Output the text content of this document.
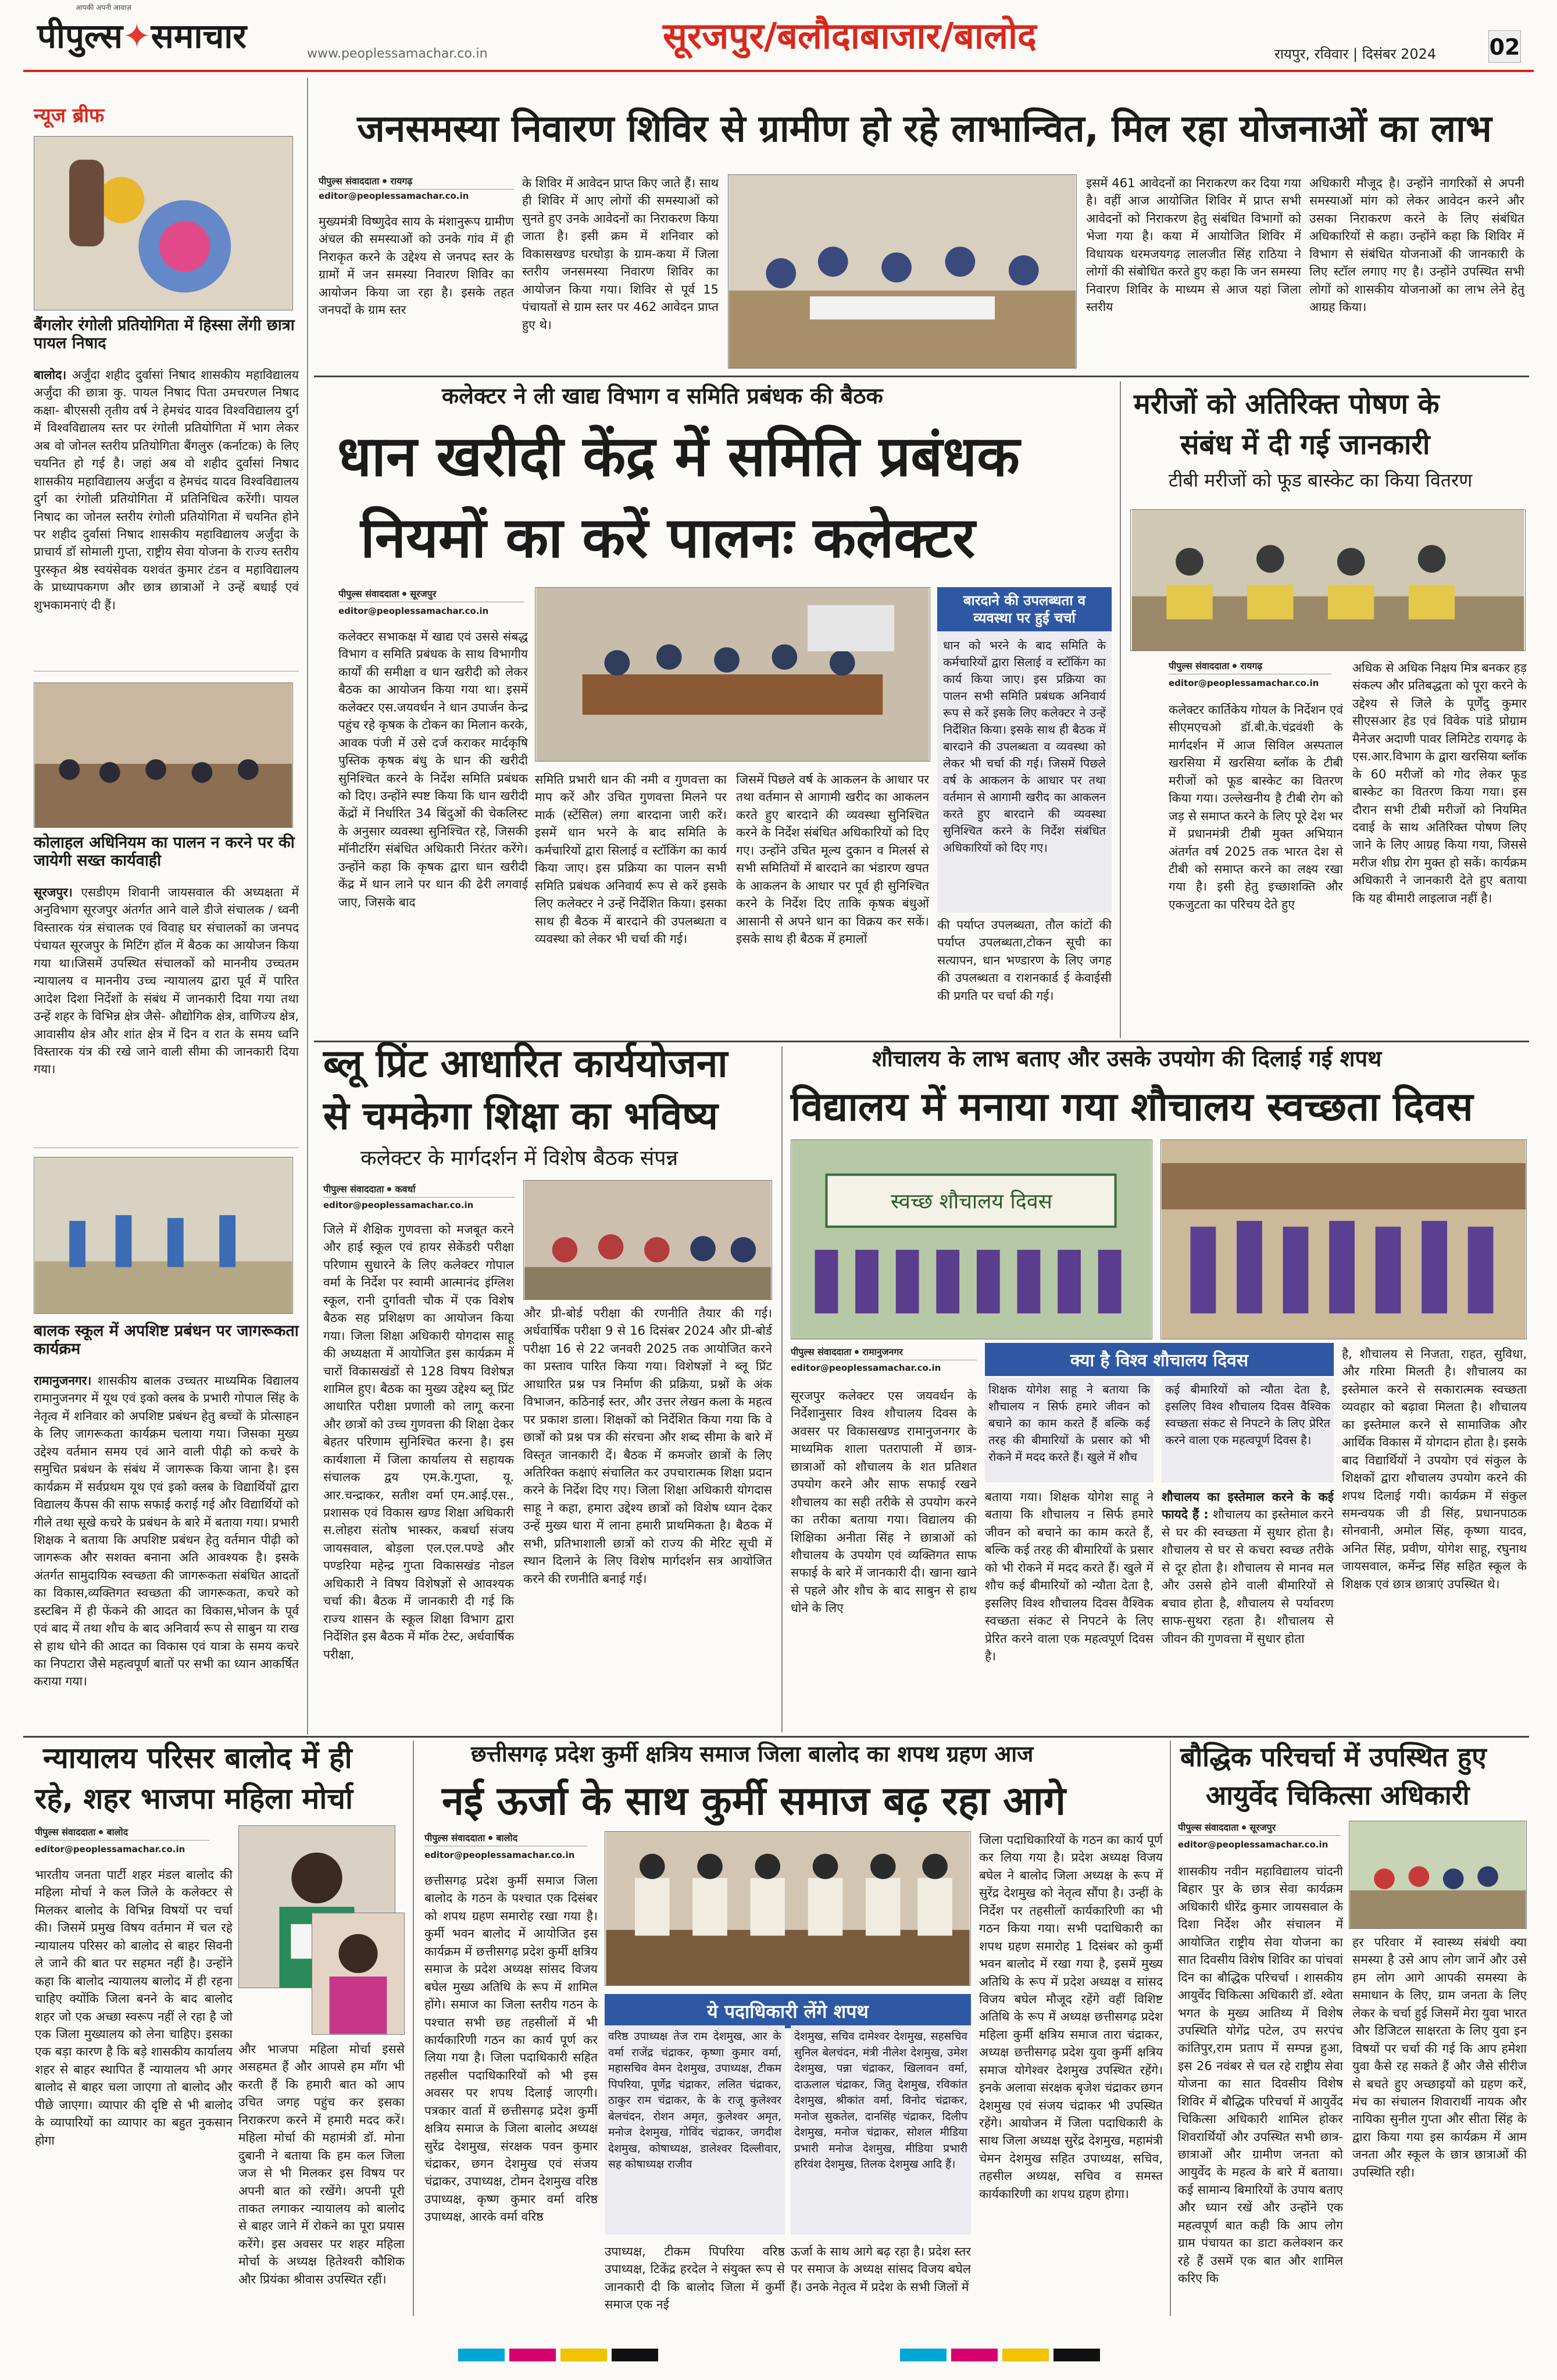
पीपुल्स✦समाचार
आपकी अपनी आवाज़
www.peoplessamachar.co.in	सूरजपुर/बलौदाबाजार/बालोद	रायपुर, रविवार | दिसंबर 2024 02
न्यूज ब्रीफ
बैंगलोर रंगोली प्रतियोगिता में हिस्सा लेंगी छात्रा पायल निषाद
बालोद। अर्जुंदा शहीद दुर्वासां निषाद शासकीय महाविद्यालय अर्जुंदा की छात्रा कु. पायल निषाद पिता उमचरणल निषाद कक्षा- बीएससी तृतीय वर्ष ने हेमचंद यादव विश्वविद्यालय दुर्ग में विश्वविद्यालय स्तर पर रंगोली प्रतियोगिता में भाग लेकर अब वो जोनल स्तरीय प्रतियोगिता बैंगलुरु (कर्नाटक) के लिए चयनित हो गई है। जहां अब वो शहीद दुर्वासां निषाद शासकीय महाविद्यालय अर्जुंदा व हेमचंद यादव विश्वविद्यालय दुर्ग का रंगोली प्रतियोगिता में प्रतिनिधित्व करेंगी। पायल निषाद का जोनल स्तरीय रंगोली प्रतियोगिता में चयनित होने पर शहीद दुर्वासां निषाद शासकीय महाविद्यालय अर्जुंदा के प्राचार्य डॉ सोमाली गुप्ता, राष्ट्रीय सेवा योजना के राज्य स्तरीय पुरस्कृत श्रेष्ठ स्वयंसेवक यशवंत कुमार टंडन व महाविद्यालय के प्राध्यापकगण और छात्र छात्राओं ने उन्हें बधाई एवं शुभकामनाएं दी हैं।
कोलाहल अधिनियम का पालन न करने पर की जायेगी सख्त कार्यवाही
सूरजपुर। एसडीएम शिवानी जायसवाल की अध्यक्षता में अनुविभाग सूरजपुर अंतर्गत आने वाले डीजे संचालक / ध्वनी विस्तारक यंत्र संचालक एवं विवाह घर संचालकों का जनपद पंचायत सूरजपुर के मिटिंग हॉल में बैठक का आयोजन किया गया था।जिसमें उपस्थित संचालकों को माननीय उच्चतम न्यायालय व माननीय उच्च न्यायालय द्वारा पूर्व में पारित आदेश दिशा निर्देशों के संबंध में जानकारी दिया गया तथा उन्हें शहर के विभिन्न क्षेत्र जैसे- औद्योगिक क्षेत्र, वाणिज्य क्षेत्र, आवासीय क्षेत्र और शांत क्षेत्र में दिन व रात के समय ध्वनि विस्तारक यंत्र की रखे जाने वाली सीमा की जानकारी दिया गया।
बालक स्कूल में अपशिष्ट प्रबंधन पर जागरूकता कार्यक्रम
रामानुजनगर। शासकीय बालक उच्चतर माध्यमिक विद्यालय रामानुजनगर में यूथ एवं इको क्लब के प्रभारी गोपाल सिंह के नेतृत्व में शनिवार को अपशिष्ट प्रबंधन हेतु बच्चों के प्रोत्साहन के लिए जागरूकता कार्यक्रम चलाया गया। जिसका मुख्य उद्देश्य वर्तमान समय एवं आने वाली पीढ़ी को कचरे के समुचित प्रबंधन के संबंध में जागरूक किया जाना है। इस कार्यक्रम में सर्वप्रथम यूथ एवं इको क्लब के विद्यार्थियों द्वारा विद्यालय कैंपस की साफ सफाई कराई गई और विद्यार्थियों को गीले तथा सूखे कचरे के प्रबंधन के बारे में बताया गया। प्रभारी शिक्षक ने बताया कि अपशिष्ट प्रबंधन हेतु वर्तमान पीढ़ी को जागरूक और सशक्त बनाना अति आवश्यक है। इसके अंतर्गत सामुदायिक स्वच्छता की जागरूकता संबंधित आदतों का विकास,व्यक्तिगत स्वच्छता की जागरूकता, कचरे को डस्टबिन में ही फेंकने की आदत का विकास,भोजन के पूर्व एवं बाद में तथा शौच के बाद अनिवार्य रूप से साबुन या राख से हाथ धोने की आदत का विकास एवं यात्रा के समय कचरे का निपटारा जैसे महत्वपूर्ण बातों पर सभी का ध्यान आकर्षित कराया गया।
जनसमस्या निवारण शिविर से ग्रामीण हो रहे लाभान्वित, मिल रहा योजनाओं का लाभ
पीपुल्स संवाददाता रायगढ़
editor@peoplessamachar.co.in
मुख्यमंत्री विष्णुदेव साय के मंशानुरूप ग्रामीण अंचल की समस्याओं को उनके गांव में ही निराकृत करने के उद्देश्य से जनपद स्तर के ग्रामों में जन समस्या निवारण शिविर का आयोजन किया जा रहा है। इसके तहत जनपदों के ग्राम स्तर
के शिविर में आवेदन प्राप्त किए जाते हैं। साथ ही शिविर में आए लोगों की समस्याओं को सुनते हुए उनके आवेदनों का निराकरण किया जाता है। इसी क्रम में शनिवार को विकासखण्ड घरघोड़ा के ग्राम-कया में जिला स्तरीय जनसमस्या निवारण शिविर का आयोजन किया गया। शिविर से पूर्व 15 पंचायतों से ग्राम स्तर पर 462 आवेदन प्राप्त हुए थे।
इसमें 461 आवेदनों का निराकरण कर दिया गया है। वहीं आज आयोजित शिविर में प्राप्त सभी आवेदनों को निराकरण हेतु संबंधित विभागों को भेजा गया है। कया में आयोजित शिविर में विधायक धरमजयगढ़ लालजीत सिंह राठिया ने लोगों की संबोधित करते हुए कहा कि जन समस्या निवारण शिविर के माध्यम से आज यहां जिला स्तरीय
अधिकारी मौजूद है। उन्होंने नागरिकों से अपनी समस्याओं मांग को लेकर आवेदन करने और उसका निराकरण करने के लिए संबंधित अधिकारियों से कहा। उन्होंने कहा कि शिविर में विभाग से संबंधित योजनाओं की जानकारी के लिए स्टॉल लगाए गए है। उन्होंने उपस्थित सभी लोगों को शासकीय योजनाओं का लाभ लेने हेतु आग्रह किया।
कलेक्टर ने ली खाद्य विभाग व समिति प्रबंधक की बैठक
धान खरीदी केंद्र में समिति प्रबंधक
नियमों का करें पालनः कलेक्टर
पीपुल्स संवाददाता सूरजपुर
editor@peoplessamachar.co.in
कलेक्टर सभाकक्ष में खाद्य एवं उससे संबद्ध विभाग व समिति प्रबंधक के साथ विभागीय कार्यों की समीक्षा व धान खरीदी को लेकर बैठक का आयोजन किया गया था। इसमें कलेक्टर एस.जयवर्धन ने धान उपार्जन केन्द्र पहुंच रहे कृषक के टोकन का मिलान करके, आवक पंजी में उसे दर्ज कराकर मार्दकृषि पुस्तिक कृषक बंधु के धान की खरीदी सुनिश्चित करने के निर्देश समिति प्रबंधक को दिए। उन्होंने स्पष्ट किया कि धान खरीदी केंद्रों में निर्धारित 34 बिंदुओं की चेकलिस्ट के अनुसार व्यवस्था सुनिश्चित रहे, जिसकी मॉनीटरिंग संबंधित अधिकारी निरंतर करेंगे। उन्होंने कहा कि कृषक द्वारा धान खरीदी केंद्र में धान लाने पर धान की ढेरी लगवाई जाए, जिसके बाद
समिति प्रभारी धान की नमी व गुणवत्ता का माप करें और उचित गुणवत्ता मिलने पर मार्क (स्टेंसिल) लगा बारदाना जारी करें। इसमें धान भरने के बाद समिति के कर्मचारियों द्वारा सिलाई व स्टॉकिंग का कार्य किया जाए। इस प्रक्रिया का पालन सभी समिति प्रबंधक अनिवार्य रूप से करें इसके लिए कलेक्टर ने उन्हें निर्देशित किया। इसका साथ ही बैठक में बारदाने की उपलब्धता व व्यवस्था को लेकर भी चर्चा की गई।
जिसमें पिछले वर्ष के आकलन के आधार पर तथा वर्तमान से आगामी खरीद का आकलन करते हुए बारदाने की व्यवस्था सुनिश्चित करने के निर्देश संबंधित अधिकारियों को दिए गए। उन्होंने उचित मूल्य दुकान व मिलर्स से सभी समितियों में बारदाने का भंडारण खपत के आकलन के आधार पर पूर्व ही सुनिश्चित करने के निर्देश दिए ताकि कृषक बंधुओं आसानी से अपने धान का विक्रय कर सकें। इसके साथ ही बैठक में हमालों
बारदाने की उपलब्धता व व्यवस्था पर हुई चर्चा
धान को भरने के बाद समिति के कर्मचारियों द्वारा सिलाई व स्टॉकिंग का कार्य किया जाए। इस प्रक्रिया का पालन सभी समिति प्रबंधक अनिवार्य रूप से करें इसके लिए कलेक्टर ने उन्हें निर्देशित किया। इसके साथ ही बैठक में बारदाने की उपलब्धता व व्यवस्था को लेकर भी चर्चा की गई। जिसमें पिछले वर्ष के आकलन के आधार पर तथा वर्तमान से आगामी खरीद का आकलन करते हुए बारदाने की व्यवस्था सुनिश्चित करने के निर्देश संबंधित अधिकारियों को दिए गए।
की पर्याप्त उपलब्धता, तौल कांटों की पर्याप्त उपलब्धता,टोकन सूची का सत्यापन, धान भण्डारण के लिए जगह की उपलब्धता व राशनकार्ड ई केवाईसी की प्रगति पर चर्चा की गई।
मरीजों को अतिरिक्त पोषण के
संबंध में दी गई जानकारी
टीबी मरीजों को फूड बास्केट का किया वितरण
पीपुल्स संवाददाता रायगढ़
editor@peoplessamachar.co.in
कलेक्टर कार्तिकेय गोयल के निर्देशन एवं सीएमएचओ डॉ.बी.के.चंद्रवंशी के मार्गदर्शन में आज सिविल अस्पताल खरसिया में खरसिया ब्लॉक के टीबी मरीजों को फूड बास्केट का वितरण किया गया। उल्लेखनीय है टीबी रोग को जड़ से समाप्त करने के लिए पूरे देश भर में प्रधानमंत्री टीबी मुक्त अभियान अंतर्गत वर्ष 2025 तक भारत देश से टीबी को समाप्त करने का लक्ष्य रखा गया है। इसी हेतु इच्छाशक्ति और एकजुटता का परिचय देते हुए
अधिक से अधिक निक्षय मित्र बनकर हड़ संकल्प और प्रतिबद्धता को पूरा करने के उद्देश्य से जिले के पूर्णेंदु कुमार सीएसआर हेड एवं विवेक पांडे प्रोग्राम मैनेजर अदाणी पावर लिमिटेड रायगढ़ के एस.आर.विभाग के द्वारा खरसिया ब्लॉक के 60 मरीजों को गोद लेकर फूड बास्केट का वितरण किया गया। इस दौरान सभी टीबी मरीजों को नियमित दवाई के साथ अतिरिक्त पोषण लिए जाने के लिए आग्रह किया गया, जिससे मरीज शीघ्र रोग मुक्त हो सकें। कार्यक्रम अधिकारी ने जानकारी देते हुए बताया कि यह बीमारी लाइलाज नहीं है।
ब्लू प्रिंट आधारित कार्ययोजना
से चमकेगा शिक्षा का भविष्य
कलेक्टर के मार्गदर्शन में विशेष बैठक संपन्न
पीपुल्स संवाददाता कवर्धा
editor@peoplessamachar.co.in
जिले में शैक्षिक गुणवत्ता को मजबूत करने और हाई स्कूल एवं हायर सेकेंडरी परीक्षा परिणाम सुधारने के लिए कलेक्टर गोपाल वर्मा के निर्देश पर स्वामी आत्मानंद इंग्लिश स्कूल, रानी दुर्गावती चौक में एक विशेष बैठक सह प्रशिक्षण का आयोजन किया गया। जिला शिक्षा अधिकारी योगदास साहू की अध्यक्षता में आयोजित इस कार्यक्रम में चारों विकासखंडों से 128 विषय विशेषज्ञ शामिल हुए। बैठक का मुख्य उद्देश्य ब्लू प्रिंट आधारित परीक्षा प्रणाली को लागू करना और छात्रों को उच्च गुणवत्ता की शिक्षा देकर बेहतर परिणाम सुनिश्चित करना है। इस कार्यशाला में जिला कार्यालय से सहायक संचालक द्वय एम.के.गुप्ता, यू. आर.चन्द्राकर, सतीश वर्मा एम.आई.एस., प्रशासक एवं विकास खण्ड शिक्षा अधिकारी स.लोहरा संतोष भास्कर, कबर्धा संजय जायसवाल, बोड़ला एल.एल.पण्डे और पण्डरिया महेन्द्र गुप्ता विकासखंड नोडल अधिकारी ने विषय विशेषज्ञों से आवश्यक चर्चा की। बैठक में जानकारी दी गई कि राज्य शासन के स्कूल शिक्षा विभाग द्वारा निर्देशित इस बैठक में मॉक टेस्ट, अर्धवार्षिक परीक्षा,
और प्री-बोर्ड परीक्षा की रणनीति तैयार की गई। अर्धवार्षिक परीक्षा 9 से 16 दिसंबर 2024 और प्री-बोर्ड परीक्षा 16 से 22 जनवरी 2025 तक आयोजित करने का प्रस्ताव पारित किया गया। विशेषज्ञों ने ब्लू प्रिंट आधारित प्रश्न पत्र निर्माण की प्रक्रिया, प्रश्नों के अंक विभाजन, कठिनाई स्तर, और उत्तर लेखन कला के महत्व पर प्रकाश डाला। शिक्षकों को निर्देशित किया गया कि वे छात्रों को प्रश्न पत्र की संरचना और शब्द सीमा के बारे में विस्तृत जानकारी दें। बैठक में कमजोर छात्रों के लिए अतिरिक्त कक्षाएं संचालित कर उपचारात्मक शिक्षा प्रदान करने के निर्देश दिए गए। जिला शिक्षा अधिकारी योगदास साहू ने कहा, हमारा उद्देश्य छात्रों को विशेष ध्यान देकर उन्हें मुख्य धारा में लाना हमारी प्राथमिकता है। बैठक में सभी, प्रतिभाशाली छात्रों को राज्य की मेरिट सूची में स्थान दिलाने के लिए विशेष मार्गदर्शन सत्र आयोजित करने की रणनीति बनाई गई।
शौचालय के लाभ बताए और उसके उपयोग की दिलाई गई शपथ
विद्यालय में मनाया गया शौचालय स्वच्छता दिवस
स्वच्छ शौचालय दिवस
पीपुल्स संवाददाता रामानुजनगर
editor@peoplessamachar.co.in
सूरजपुर कलेक्टर एस जयवर्धन के निर्देशानुसार विश्व शौचालय दिवस के अवसर पर विकासखण्ड रामानुजनगर के माध्यमिक शाला पतरापाली में छात्र-छात्राओं को शौचालय के शत प्रतिशत उपयोग करने और साफ सफाई रखने शौचालय का सही तरीके से उपयोग करने का तरीका बताया गया। विद्यालय की शिक्षिका अनीता सिंह ने छात्राओं को शौचालय के उपयोग एवं व्यक्तिगत साफ सफाई के बारे में जानकारी दी। खाना खाने से पहले और शौच के बाद साबुन से हाथ धोने के लिए
क्या है विश्व शौचालय दिवस
शिक्षक योगेश साहू ने बताया कि शौचालय न सिर्फ हमारे जीवन को बचाने का काम करते हैं बल्कि कई तरह की बीमारियों के प्रसार को भी रोकने में मदद करते हैं। खुले में शौच
कई बीमारियों को न्यौता देता है, इसलिए विश्व शौचालय दिवस वैश्विक स्वच्छता संकट से निपटने के लिए प्रेरित करने वाला एक महत्वपूर्ण दिवस है।
बताया गया। शिक्षक योगेश साहू ने बताया कि शौचालय न सिर्फ हमारे जीवन को बचाने का काम करते हैं, बल्कि कई तरह की बीमारियों के प्रसार को भी रोकने में मदद करते हैं। खुले में शौच कई बीमारियों को न्यौता देता है, इसलिए विश्व शौचालय दिवस वैश्विक स्वच्छता संकट से निपटने के लिए प्रेरित करने वाला एक महत्वपूर्ण दिवस है।
शौचालय का इस्तेमाल करने के कई फायदे हैं : शौचालय का इस्तेमाल करने से घर की स्वच्छता में सुधार होता है। शौचालय से घर से कचरा स्वच्छ तरीके से दूर होता है। शौचालय से मानव मल और उससे होने वाली बीमारियों से बचाव होता है, शौचालय से पर्यावरण साफ-सुथरा रहता है। शौचालय से जीवन की गुणवत्ता में सुधार होता
है, शौचालय से निजता, राहत, सुविधा, और गरिमा मिलती है। शौचालय का इस्तेमाल करने से सकारात्मक स्वच्छता व्यवहार को बढ़ावा मिलता है। शौचालय का इस्तेमाल करने से सामाजिक और आर्थिक विकास में योगदान होता है। इसके बाद विद्यार्थियों ने उपयोग एवं संकुल के शिक्षकों द्वारा शौचालय उपयोग करने की शपथ दिलाई गयी। कार्यक्रम में संकुल समन्वयक जी डी सिंह, प्रधानपाठक सोनवानी, अमोल सिंह, कृष्णा यादव, अनित सिंह, प्रवीण, योगेश साहू, रघुनाथ जायसवाल, कर्मेन्द्र सिंह सहित स्कूल के शिक्षक एवं छात्र छात्राएं उपस्थित थे।
न्यायालय परिसर बालोद में ही
रहे, शहर भाजपा महिला मोर्चा
पीपुल्स संवाददाता बालोद
editor@peoplessamachar.co.in
भारतीय जनता पार्टी शहर मंडल बालोद की महिला मोर्चा ने कल जिले के कलेक्टर से मिलकर बालोद के विभिन्न विषयों पर चर्चा की। जिसमें प्रमुख विषय वर्तमान में चल रहे न्यायालय परिसर को बालोद से बाहर सिवनी ले जाने की बात पर सहमत नहीं है। उन्होंने कहा कि बालोद न्यायालय बालोद में ही रहना चाहिए क्योंकि जिला बनने के बाद बालोद शहर जो एक अच्छा स्वरूप नहीं ले रहा है जो एक जिला मुख्यालय को लेना चाहिए। इसका एक बड़ा कारण है कि बड़े शासकीय कार्यालय शहर से बाहर स्थापित हैं न्यायालय भी अगर बालोद से बाहर चला जाएगा तो बालोद और पीछे जाएगा। व्यापार की दृष्टि से भी बालोद के व्यापारियों का व्यापार का बहुत नुकसान होगा
और भाजपा महिला मोर्चा इससे असहमत हैं और आपसे हम माँग भी करती हैं कि हमारी बात को आप उचित जगह पहुंच कर इसका निराकरण करने में हमारी मदद करें। महिला मोर्चा की महामंत्री डॉ. मोना दुबानी ने बताया कि हम कल जिला जज से भी मिलकर इस विषय पर अपनी बात को रखेंगे। अपनी पूरी ताकत लगाकर न्यायालय को बालोद से बाहर जाने में रोकने का पूरा प्रयास करेंगे। इस अवसर पर शहर महिला मोर्चा के अध्यक्ष हितेश्वरी कौशिक और प्रियंका श्रीवास उपस्थित रहीं।
छत्तीसगढ़ प्रदेश कुर्मी क्षत्रिय समाज जिला बालोद का शपथ ग्रहण आज
नई ऊर्जा के साथ कुर्मी समाज बढ़ रहा आगे
पीपुल्स संवाददाता बालोद
editor@peoplessamachar.co.in
छत्तीसगढ़ प्रदेश कुर्मी समाज जिला बालोद के गठन के पश्चात एक दिसंबर को शपथ ग्रहण समारोह रखा गया है। कुर्मी भवन बालोद में आयोजित इस कार्यक्रम में छत्तीसगढ़ प्रदेश कुर्मी क्षत्रिय समाज के प्रदेश अध्यक्ष सांसद विजय बघेल मुख्य अतिथि के रूप में शामिल होंगे। समाज का जिला स्तरीय गठन के पश्चात सभी छह तहसीलों में भी कार्यकारिणी गठन का कार्य पूर्ण कर लिया गया है। जिला पदाधिकारी सहित तहसील पदाधिकारियों को भी इस अवसर पर शपथ दिलाई जाएगी। पत्रकार वार्ता में छत्तीसगढ़ प्रदेश कुर्मी क्षत्रिय समाज के जिला बालोद अध्यक्ष सुरेंद्र देशमुख, संरक्षक पवन कुमार चंद्राकर, छगन देशमुख एवं संजय चंद्राकर, उपाध्यक्ष, टोमन देशमुख वरिष्ठ उपाध्यक्ष, कृष्ण कुमार वर्मा वरिष्ठ उपाध्यक्ष, आरके वर्मा वरिष्ठ
ये पदाधिकारी लेंगे शपथ
वरिष्ठ उपाध्यक्ष तेज राम देशमुख, आर के वर्मा राजेंद्र चंद्राकर, कृष्णा कुमार वर्मा, महासचिव वेमन देशमुख, उपाध्यक्ष, टीकम पिपरिया, पूर्णेद्र चंद्राकर, ललित चंद्राकर, ठाकुर राम चंद्राकर, के के राजू कुलेश्वर बेलचंदन, रोशन अमृत, कुलेश्वर अमृत, मनोज देशमुख, गोविंद चंद्राकर, जगदीश देशमुख, कोषाध्यक्ष, डालेश्वर दिल्लीवार, सह कोषाध्यक्ष राजीव
देशमुख, सचिव दामेश्वर देशमुख, सहसचिव सुनिल बेलचंदन, मंत्री नीलेश देशमुख, उमेश देशमुख, पन्ना चंद्राकर, खिलावन वर्मा, दाऊलाल चंद्राकर, जितु देशमुख, रविकांत देशमुख, श्रीकांत वर्मा, विनोद चंद्राकर, मनोज सुकतेल, दानसिंह चंद्राकर, दिलीप देशमुख, मनोज चंद्राकर, सोशल मीडिया प्रभारी मनोज देशमुख, मीडिया प्रभारी हरिवंश देशमुख, तिलक देशमुख आदि हैं।
उपाध्यक्ष, टीकम पिपरिया वरिष्ठ उपाध्यक्ष, टिकेंद्र हरदेल ने संयुक्त रूप से जानकारी दी कि बालोद जिला में कुर्मी समाज एक नई
ऊर्जा के साथ आगे बढ़ रहा है। प्रदेश स्तर पर समाज के अध्यक्ष सांसद विजय बघेल हैं। उनके नेतृत्व में प्रदेश के सभी जिलों में
जिला पदाधिकारियों के गठन का कार्य पूर्ण कर लिया गया है। प्रदेश अध्यक्ष विजय बघेल ने बालोद जिला अध्यक्ष के रूप में सुरेंद्र देशमुख को नेतृत्व सौंपा है। उन्हीं के निर्देश पर तहसीलों कार्यकारिणी का भी गठन किया गया। सभी पदाधिकारी का शपथ ग्रहण समारोह 1 दिसंबर को कुर्मी भवन बालोद में रखा गया है, इसमें मुख्य अतिथि के रूप में प्रदेश अध्यक्ष व सांसद विजय बघेल मौजूद रहेंगे वहीं विशिष्ट अतिथि के रूप में अध्यक्ष छत्तीसगढ़ प्रदेश महिला कुर्मी क्षत्रिय समाज तारा चंद्राकर, अध्यक्ष छत्तीसगढ़ प्रदेश युवा कुर्मी क्षत्रिय समाज योगेश्वर देशमुख उपस्थित रहेंगे। इनके अलावा संरक्षक बृजेश चंद्राकर छगन देशमुख एवं संजय चंद्राकर भी उपस्थित रहेंगे। आयोजन में जिला पदाधिकारी के साथ जिला अध्यक्ष सुरेंद्र देशमुख, महामंत्री चेमन देशमुख सहित उपाध्यक्ष, सचिव, तहसील अध्यक्ष, सचिव व समस्त कार्यकारिणी का शपथ ग्रहण होगा।
बौद्धिक परिचर्चा में उपस्थित हुए
आयुर्वेद चिकित्सा अधिकारी
पीपुल्स संवाददाता सूरजपुर
editor@peoplessamachar.co.in
शासकीय नवीन महाविद्यालय चांदनी बिहार पुर के छात्र सेवा कार्यक्रम अधिकारी धीरेंद्र कुमार जायसवाल के दिशा निर्देश और संचालन में आयोजित राष्ट्रीय सेवा योजना का सात दिवसीय विशेष शिविर का पांचवां दिन का बौद्धिक परिचर्चा । शासकीय आयुर्वेद चिकित्सा अधिकारी डॉ. श्वेता भगत के मुख्य आतिथ्य में विशेष उपस्थिति योगेंद्र पटेल, उप सरपंच कांतिपुर,राम प्रताप में सम्पन्न हुआ, इस 26 नवंबर से चल रहे राष्ट्रीय सेवा योजना का सात दिवसीय विशेष शिविर में बौद्धिक परिचर्चा में आयुर्वेद चिकित्सा अधिकारी शामिल होकर शिवरार्थियों और उपस्थित सभी छात्र-छात्राओं और ग्रामीण जनता को आयुर्वेद के महत्व के बारे में बताया। कई सामान्य बिमारियों के उपाय बताए और ध्यान रखें और उन्होंने एक महत्वपूर्ण बात कही कि आप लोग ग्राम पंचायत का डाटा कलेक्शन कर रहे हैं उसमें एक बात और शामिल करिए कि
हर परिवार में स्वास्थ्य संबंधी क्या समस्या है उसे आप लोग जानें और उसे हम लोग आगे आपकी समस्या के समाधान के लिए, ग्राम जनता के लिए लेकर के चर्चा हुई जिसमें मेरा युवा भारत और डिजिटल साक्षरता के लिए युवा इन विषयों पर चर्चा की गई कि आप हमेशा युवा कैसे रह सकते हैं और जैसे सीरीज से बचते हुए अच्छाइयों को ग्रहण करें, मंच का संचालन शिवारार्थी नायक और नायिका सुनील गुप्ता और सीता सिंह के द्वारा किया गया इस कार्यक्रम में आम जनता और स्कूल के छात्र छात्राओं की उपस्थिति रही।
